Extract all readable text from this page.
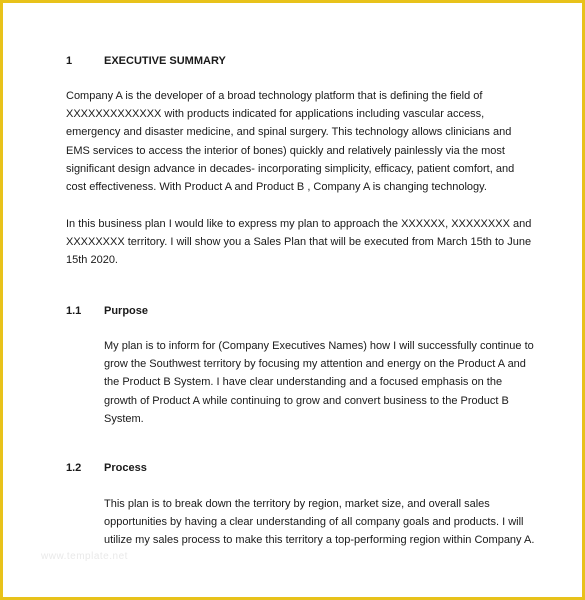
1	EXECUTIVE SUMMARY
Company A is the developer of a broad technology platform that is defining the field of
XXXXXXXXXXXXX with products indicated for applications including vascular access,
emergency and disaster medicine, and spinal surgery. This technology allows clinicians and
EMS services to access the interior of bones) quickly and relatively painlessly via the most
significant design advance in decades- incorporating simplicity, efficacy, patient comfort, and
cost effectiveness. With Product A and Product B , Company A is changing technology.
In this business plan I would like to express my plan to approach the XXXXXX, XXXXXXXX and
XXXXXXXX territory. I will show you a Sales Plan that will be executed from March 15th to June
15th 2020.
1.1 Purpose
My plan is to inform for (Company Executives Names) how I will successfully continue to
grow the Southwest territory by focusing my attention and energy on the Product A and
the Product B System. I have clear understanding and a focused emphasis on the
growth of Product A while continuing to grow and convert business to the Product B
System.
1.2 Process
This plan is to break down the territory by region, market size, and overall sales
opportunities by having a clear understanding of all company goals and products. I will
utilize my sales process to make this territory a top-performing region within Company A.
www.template.net
